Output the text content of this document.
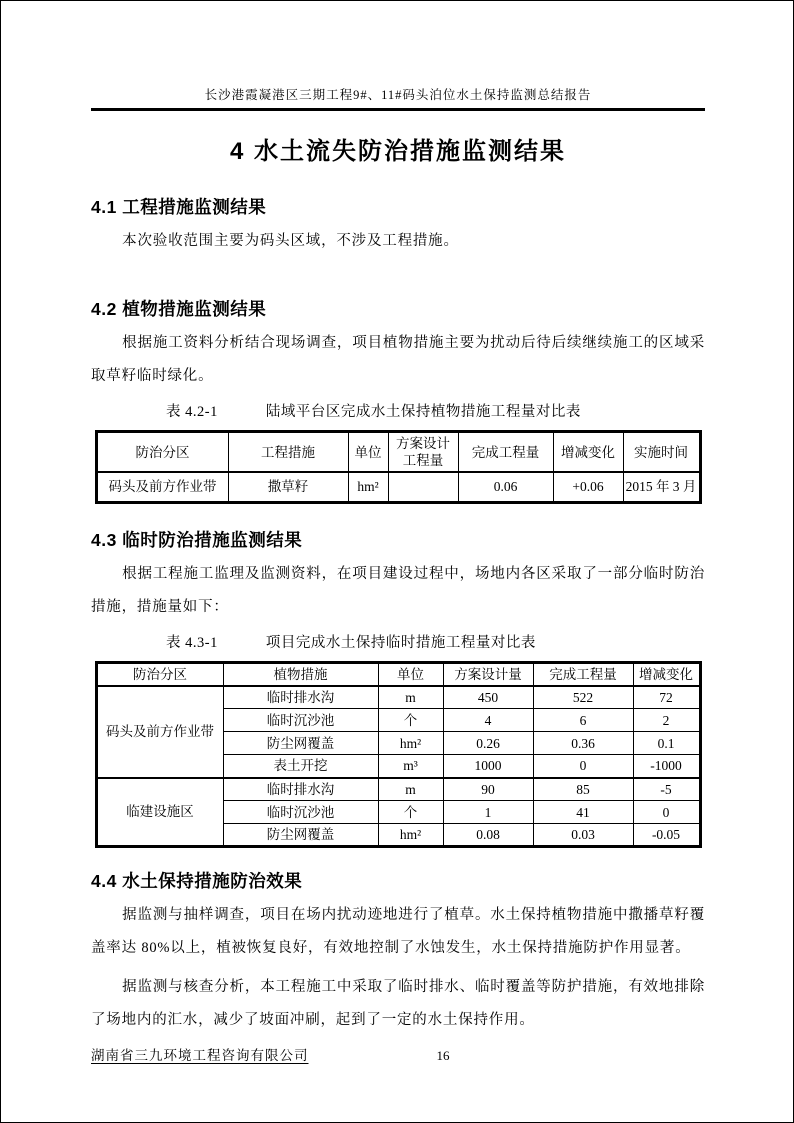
长沙港霞凝港区三期工程9#、11#码头泊位水土保持监测总结报告
4 水土流失防治措施监测结果
4.1 工程措施监测结果

本次验收范围主要为码头区域，不涉及工程措施。

4.2 植物措施监测结果

根据施工资料分析结合现场调查，项目植物措施主要为扰动后待后续继续施工的区域采取草籽临时绿化。

表 4.2-1	陆域平台区完成水土保持植物措施工程量对比表
防治分区	工程措施	单位	方案设计 工程量	完成工程量	增减变化	实施时间
码头及前方作业带	撒草籽	hm²		0.06	+0.06	2015 年 3 月
4.3 临时防治措施监测结果

根据工程施工监理及监测资料，在项目建设过程中，场地内各区采取了一部分临时防治措施，措施量如下：

表 4.3-1	项目完成水土保持临时措施工程量对比表
防治分区	植物措施	单位	方案设计量	完成工程量	增减变化
码头及前方作业带	临时排水沟	m	450	522	72
	临时沉沙池	个	4	6	2
	防尘网覆盖	hm²	0.26	0.36	0.1
	表土开挖	m³	1000	0	-1000
临建设施区	临时排水沟	m	90	85	-5
	临时沉沙池	个	1	41	0
	防尘网覆盖	hm²	0.08	0.03	-0.05
4.4 水土保持措施防治效果

据监测与抽样调查，项目在场内扰动迹地进行了植草。水土保持植物措施中撒播草籽覆盖率达 80%以上，植被恢复良好，有效地控制了水蚀发生，水土保持措施防护作用显著。

据监测与核查分析，本工程施工中采取了临时排水、临时覆盖等防护措施，有效地排除了场地内的汇水，减少了坡面冲刷，起到了一定的水土保持作用。

湖南省三九环境工程咨询有限公司	16
